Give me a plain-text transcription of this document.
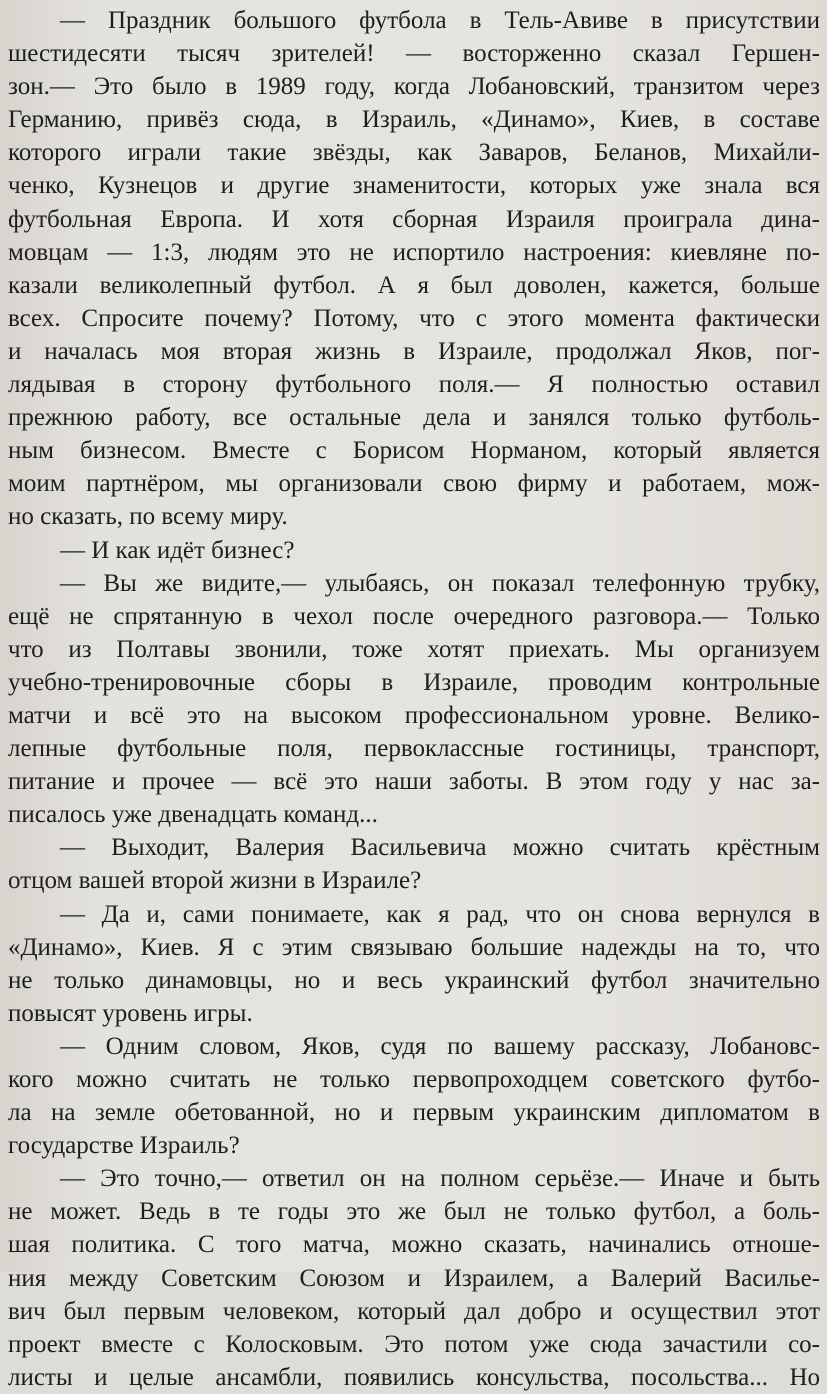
— Праздник большого футбола в Тель-Авиве в присутствии
шестидесяти тысяч зрителей! — восторженно сказал Гершен-
зон.— Это было в 1989 году, когда Лобановский, транзитом через
Германию, привёз сюда, в Израиль, «Динамо», Киев, в составе
которого играли такие звёзды, как Заваров, Беланов, Михайли-
ченко, Кузнецов и другие знаменитости, которых уже знала вся
футбольная Европа. И хотя сборная Израиля проиграла дина-
мовцам — 1:3, людям это не испортило настроения: киевляне по-
казали великолепный футбол. А я был доволен, кажется, больше
всех. Спросите почему? Потому, что с этого момента фактически
и началась моя вторая жизнь в Израиле, продолжал Яков, пог-
лядывая в сторону футбольного поля.— Я полностью оставил
прежнюю работу, все остальные дела и занялся только футболь-
ным бизнесом. Вместе с Борисом Норманом, который является
моим партнёром, мы организовали свою фирму и работаем, мож-
но сказать, по всему миру.
— И как идёт бизнес?
— Вы же видите,— улыбаясь, он показал телефонную трубку,
ещё не спрятанную в чехол после очередного разговора.— Только
что из Полтавы звонили, тоже хотят приехать. Мы организуем
учебно-тренировочные сборы в Израиле, проводим контрольные
матчи и всё это на высоком профессиональном уровне. Велико-
лепные футбольные поля, первоклассные гостиницы, транспорт,
питание и прочее — всё это наши заботы. В этом году у нас за-
писалось уже двенадцать команд...
— Выходит, Валерия Васильевича можно считать крёстным
отцом вашей второй жизни в Израиле?
— Да и, сами понимаете, как я рад, что он снова вернулся в
«Динамо», Киев. Я с этим связываю большие надежды на то, что
не только динамовцы, но и весь украинский футбол значительно
повысят уровень игры.
— Одним словом, Яков, судя по вашему рассказу, Лобановс-
кого можно считать не только первопроходцем советского футбо-
ла на земле обетованной, но и первым украинским дипломатом в
государстве Израиль?
— Это точно,— ответил он на полном серьёзе.— Иначе и быть
не может. Ведь в те годы это же был не только футбол, а боль-
шая политика. С того матча, можно сказать, начинались отноше-
ния между Советским Союзом и Израилем, а Валерий Василье-
вич был первым человеком, который дал добро и осуществил этот
проект вместе с Колосковым. Это потом уже сюда зачастили со-
листы и целые ансамбли, появились консульства, посольства... Но
